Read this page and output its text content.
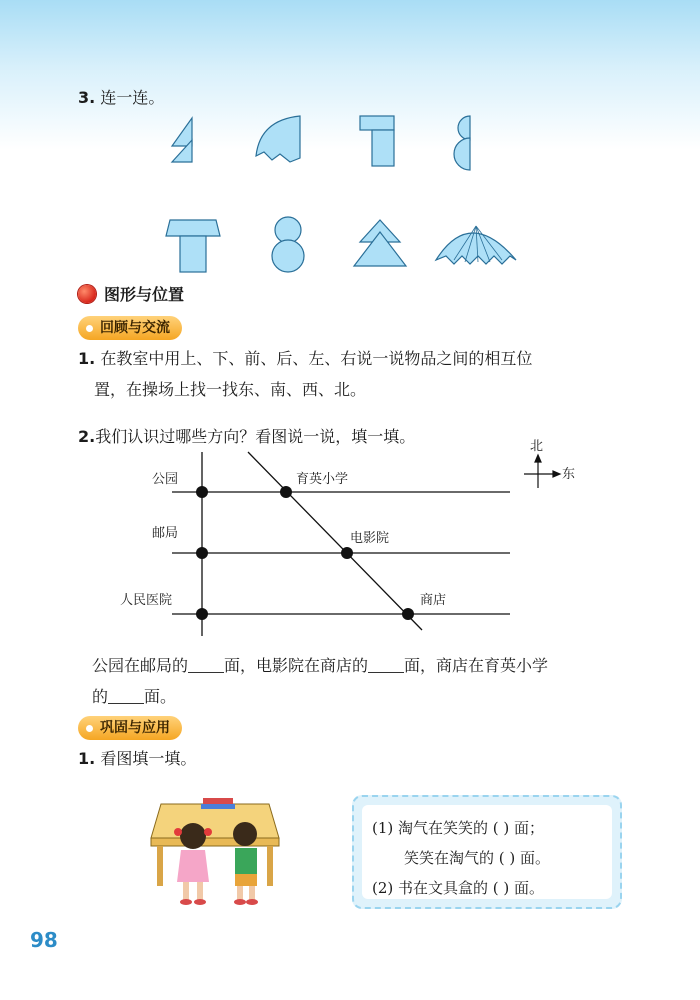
3. 连一连。
图形与位置
回顾与交流
1. 在教室中用上、下、前、后、左、右说一说物品之间的相互位
置，在操场上找一找东、南、西、北。
2.我们认识过哪些方向？看图说一说，填一填。
公园
邮局
人民医院
育英小学
电影院
商店
北
东
公园在邮局的 面，电影院在商店的 面，商店在育英小学
的 面。
巩固与应用
1. 看图填一填。
(1) 淘气在笑笑的 ( ) 面；
笑笑在淘气的 ( ) 面。
(2) 书在文具盒的 ( ) 面。
98
